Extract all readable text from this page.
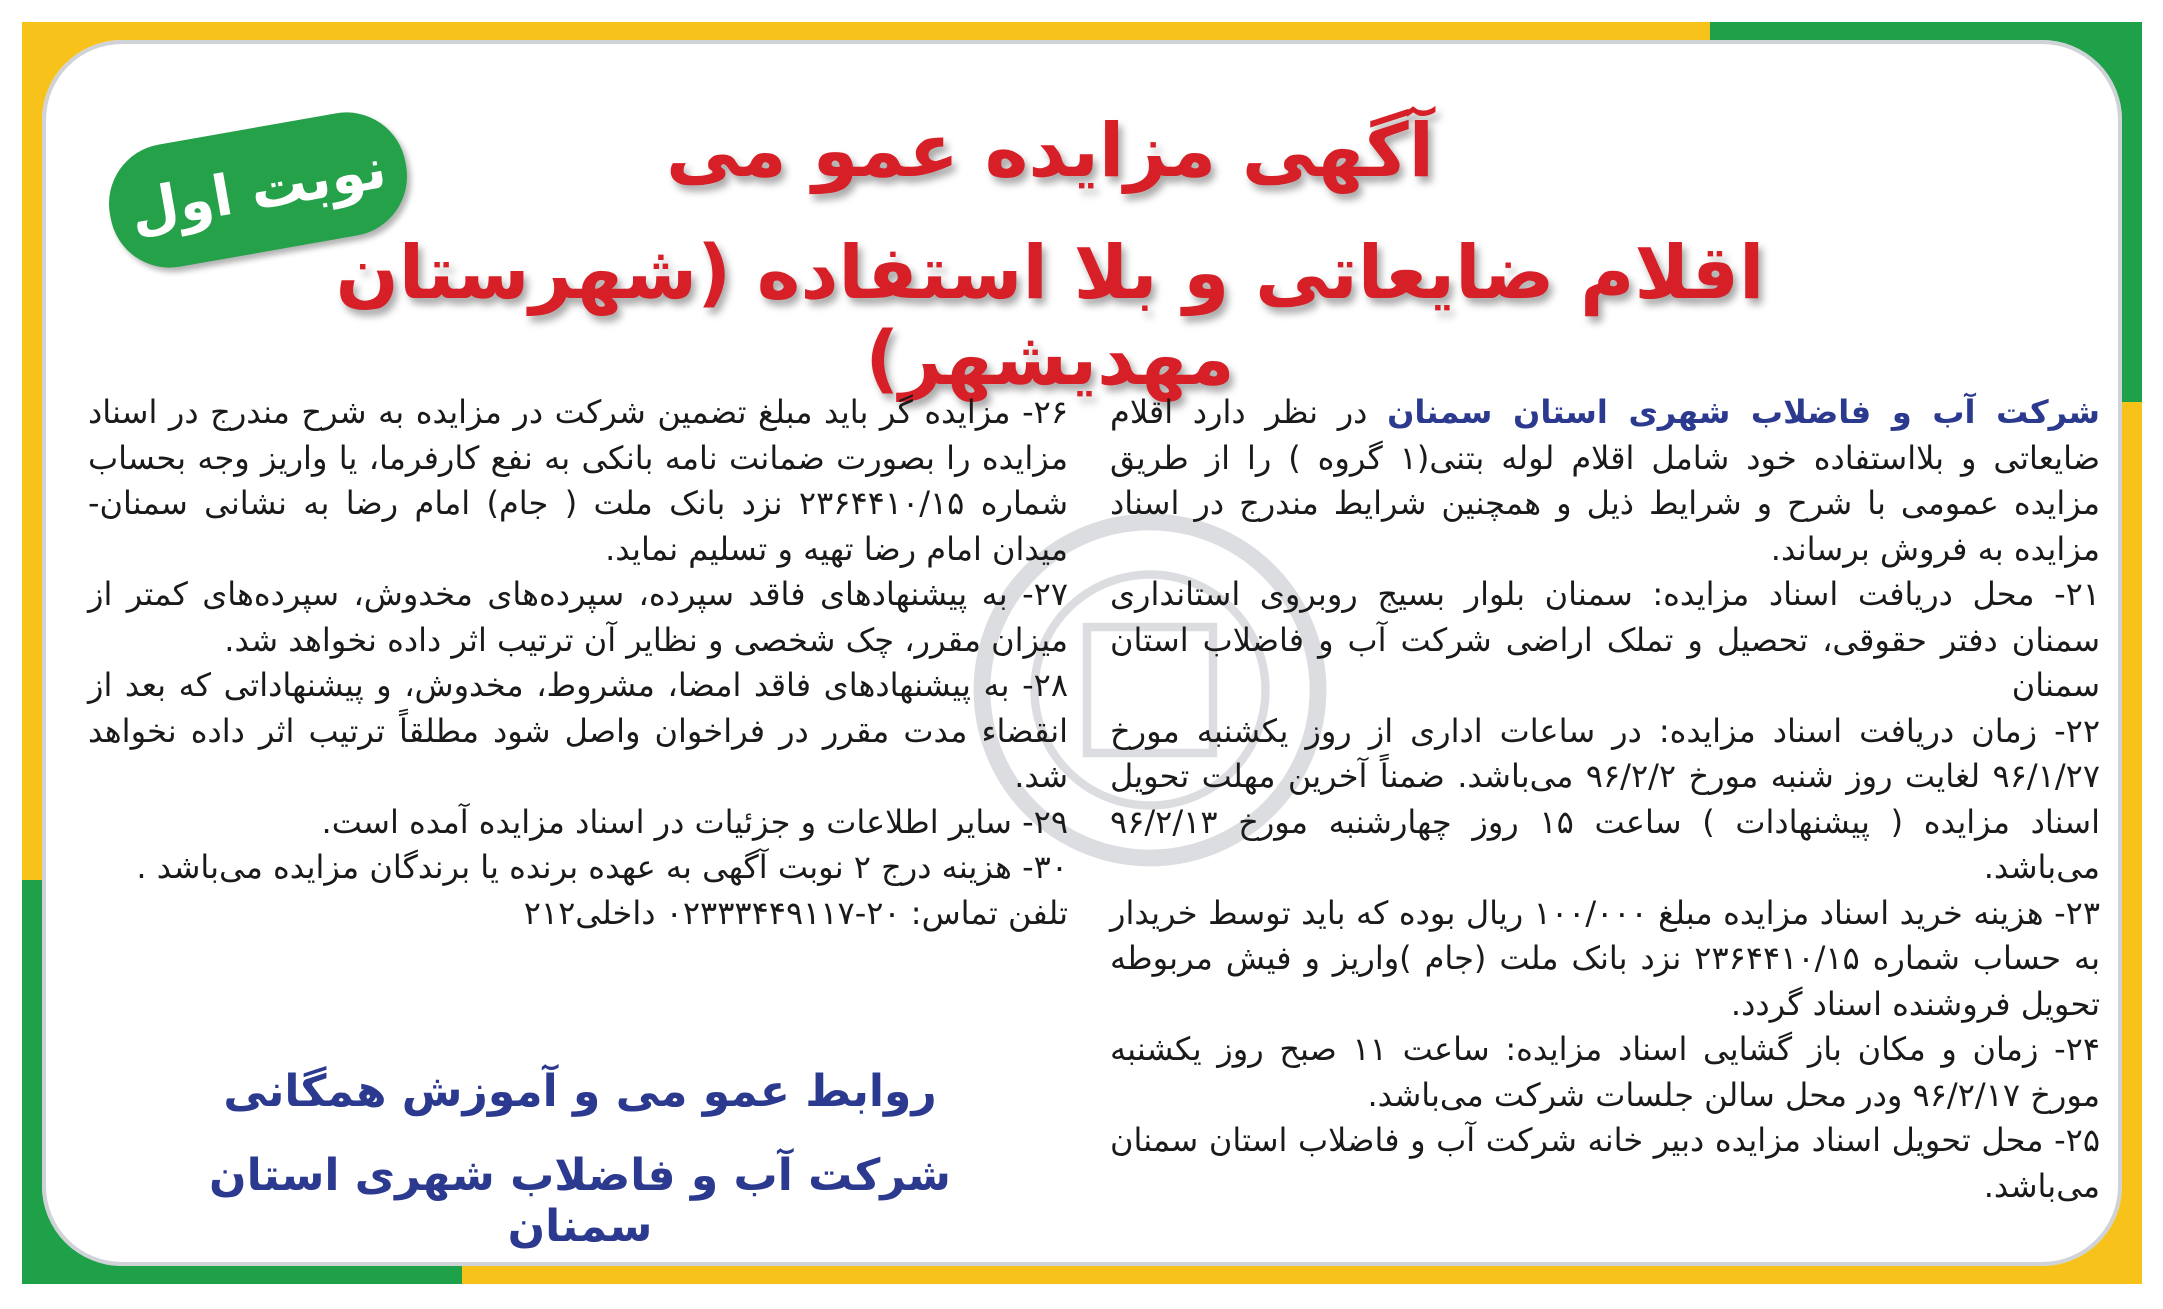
نوبت اول	آگهی مزایده عمو می
اقلام ضایعاتی و بلا استفاده (شهرستان مهدیشهر)

شرکت آب و فاضلاب شهری استان سمنان در نظر دارد اقلام ضایعاتی و بلااستفاده خود شامل اقلام لوله بتنی(۱ گروه ) را از طریق مزایده عمومی با شرح و شرایط ذیل و همچنین شرایط مندرج در اسناد مزایده به فروش برساند.

۲۱- محل دریافت اسناد مزایده: سمنان بلوار بسیج روبروی استانداری سمنان دفتر حقوقی، تحصیل و تملک اراضی شرکت آب و فاضلاب استان سمنان

۲۲- زمان دریافت اسناد مزایده: در ساعات اداری از روز یکشنبه مورخ ۹۶/۱/۲۷ لغایت روز شنبه مورخ ۹۶/۲/۲ می‌باشد. ضمناً آخرین مهلت تحویل اسناد مزایده ( پیشنهادات ) ساعت ۱۵ روز چهارشنبه مورخ ۹۶/۲/۱۳ می‌باشد.

۲۳- هزینه خرید اسناد مزایده مبلغ ۱۰۰/۰۰۰ ریال بوده که باید توسط خریدار به حساب شماره ۲۳۶۴۴۱۰/۱۵ نزد بانک ملت (جام )واریز و فیش مربوطه تحویل فروشنده اسناد گردد.

۲۴- زمان و مکان باز گشایی اسناد مزایده: ساعت ۱۱ صبح روز یکشنبه مورخ ۹۶/۲/۱۷ ودر محل سالن جلسات شرکت می‌باشد.

۲۵- محل تحویل اسناد مزایده دبیر خانه شرکت آب و فاضلاب استان سمنان می‌باشد.

۲۶- مزایده گر باید مبلغ تضمین شرکت در مزایده به شرح مندرج در اسناد مزایده را بصورت ضمانت نامه بانکی به نفع کارفرما، یا واریز وجه بحساب شماره ۲۳۶۴۴۱۰/۱۵ نزد بانک ملت ( جام) امام رضا به نشانی سمنان- میدان امام رضا تهیه و تسلیم نماید.

۲۷- به پیشنهادهای فاقد سپرده، سپرده‌های مخدوش، سپرده‌های کمتر از میزان مقرر، چک شخصی و نظایر آن ترتیب اثر داده نخواهد شد.

۲۸- به پیشنهادهای فاقد امضا، مشروط، مخدوش، و پیشنهاداتی که بعد از انقضاء مدت مقرر در فراخوان واصل شود مطلقاً ترتیب اثر داده نخواهد شد.

۲۹- سایر اطلاعات و جزئیات در اسناد مزایده آمده است.

۳۰- هزینه درج ۲ نوبت آگهی به عهده برنده یا برندگان مزایده می‌باشد .

تلفن تماس: ۲۰-۰۲۳۳۳۴۴۹۱۱۷ داخلی۲۱۲

روابط عمو می و آموزش همگانی
شرکت آب و فاضلاب شهری استان سمنان
